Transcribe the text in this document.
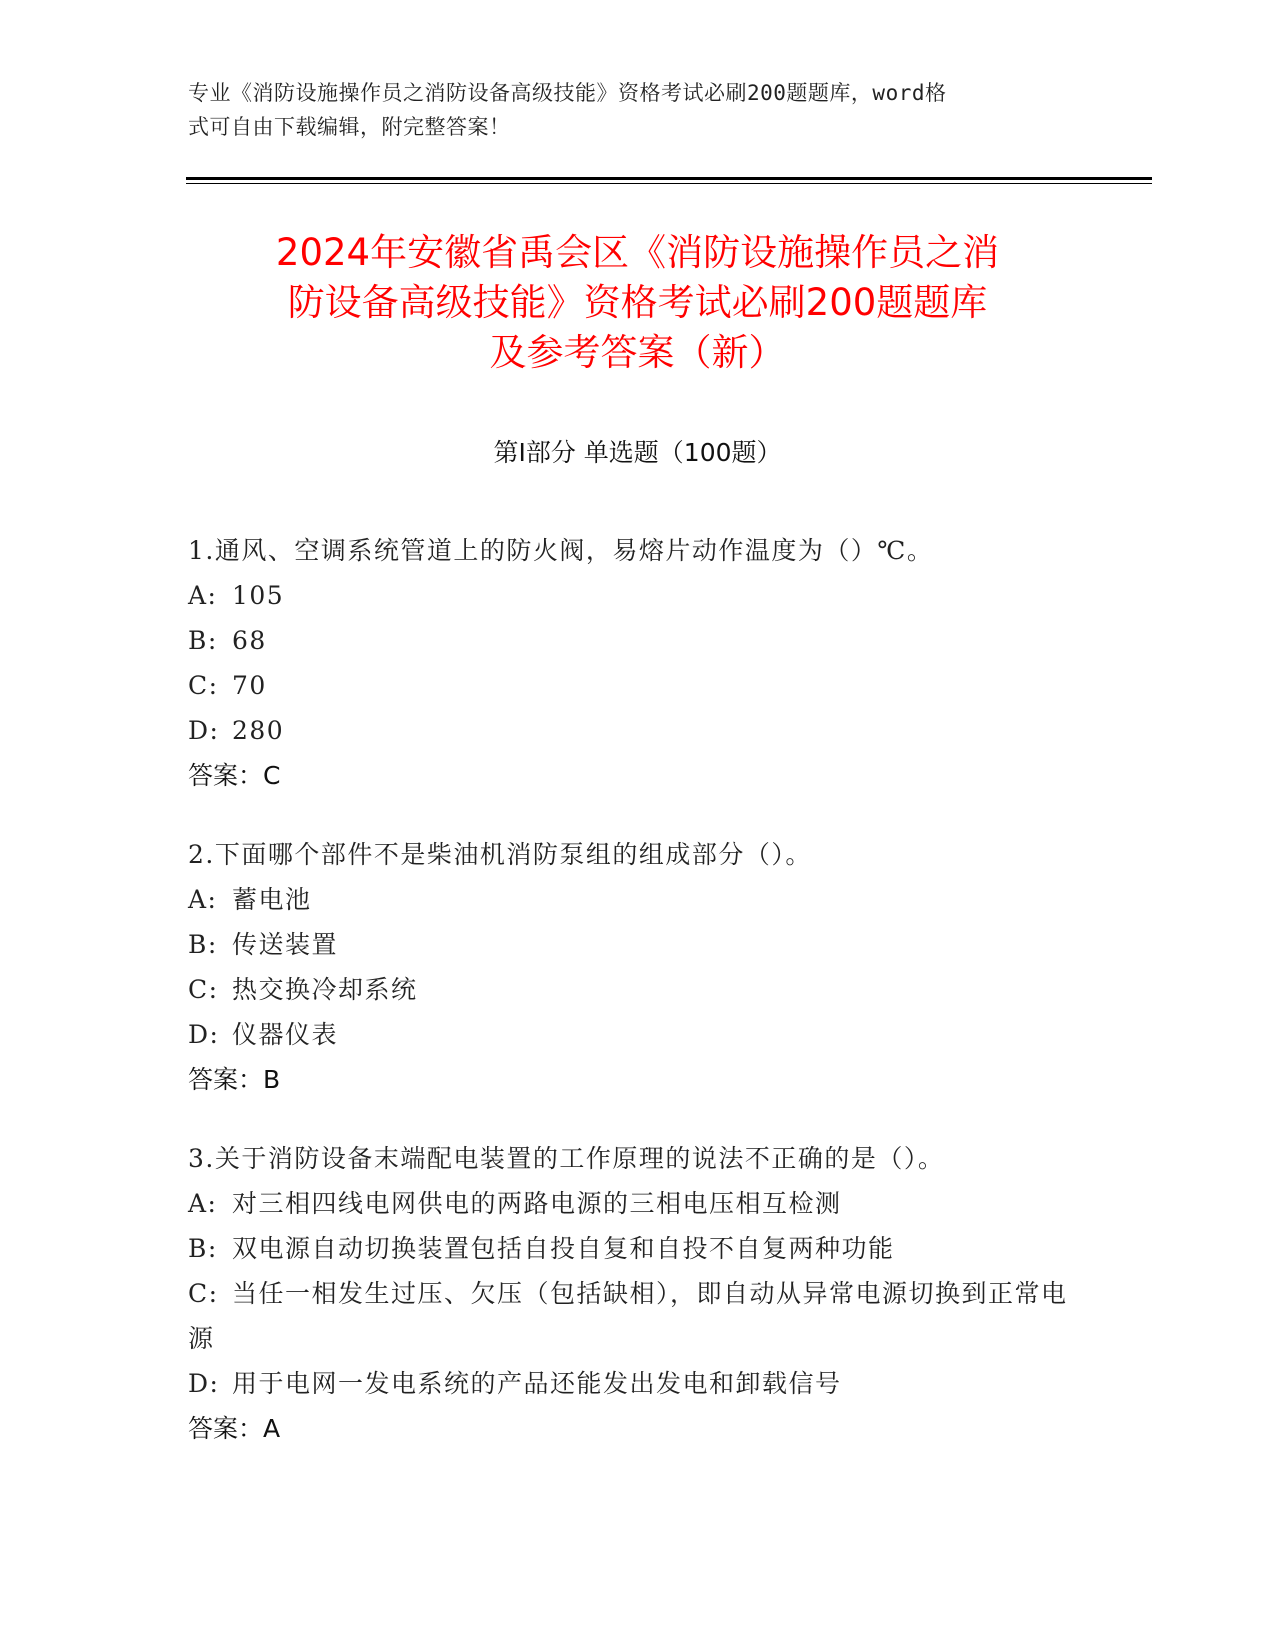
专业《消防设施操作员之消防设备高级技能》资格考试必刷200题题库，word格
式可自由下载编辑，附完整答案！
2024年安徽省禹会区《消防设施操作员之消
防设备高级技能》资格考试必刷200题题库
及参考答案（新）
第Ⅰ部分 单选题（100题）
1.通风、空调系统管道上的防火阀，易熔片动作温度为（）℃。
A: 105
B: 68
C: 70
D: 280
答案：C
2.下面哪个部件不是柴油机消防泵组的组成部分（）。
A: 蓄电池
B: 传送装置
C: 热交换冷却系统
D: 仪器仪表
答案：B
3.关于消防设备末端配电装置的工作原理的说法不正确的是（）。
A: 对三相四线电网供电的两路电源的三相电压相互检测
B: 双电源自动切换装置包括自投自复和自投不自复两种功能
C: 当任一相发生过压、欠压（包括缺相），即自动从异常电源切换到正常电源
D: 用于电网一发电系统的产品还能发出发电和卸载信号
答案：A
